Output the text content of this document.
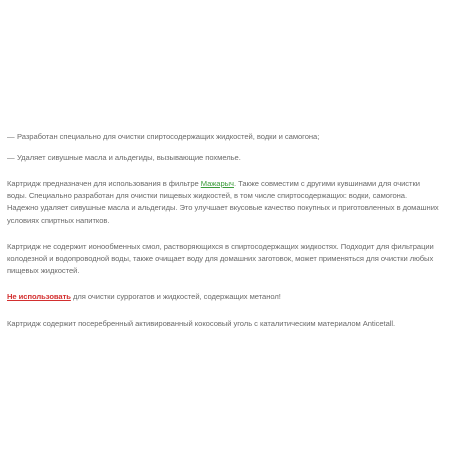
— Разработан специально для очистки спиртосодержащих жидкостей, водки и самогона;
— Удаляет сивушные масла и альдегиды, вызывающие похмелье.

Картридж предназначен для использования в фильтре Мажарыч. Также совместим с другими кувшинами для очистки воды. Специально разработан для очистки пищевых жидкостей, в том числе спиртосодержащих: водки, самогона. Надежно удаляет сивушные масла и альдегиды. Это улучшает вкусовые качество покупных и приготовленных в домашних условиях спиртных напитков.

Картридж не содержит ионообменных смол, растворяющихся в спиртосодержащих жидкостях. Подходит для фильтрации колодезной и водопроводной воды, также очищает воду для домашних заготовок, может применяться для очистки любых пищевых жидкостей.

Не использовать для очистки суррогатов и жидкостей, содержащих метанол!

Картридж содержит посеребренный активированный кокосовый уголь с каталитическим материалом Anticetall.
